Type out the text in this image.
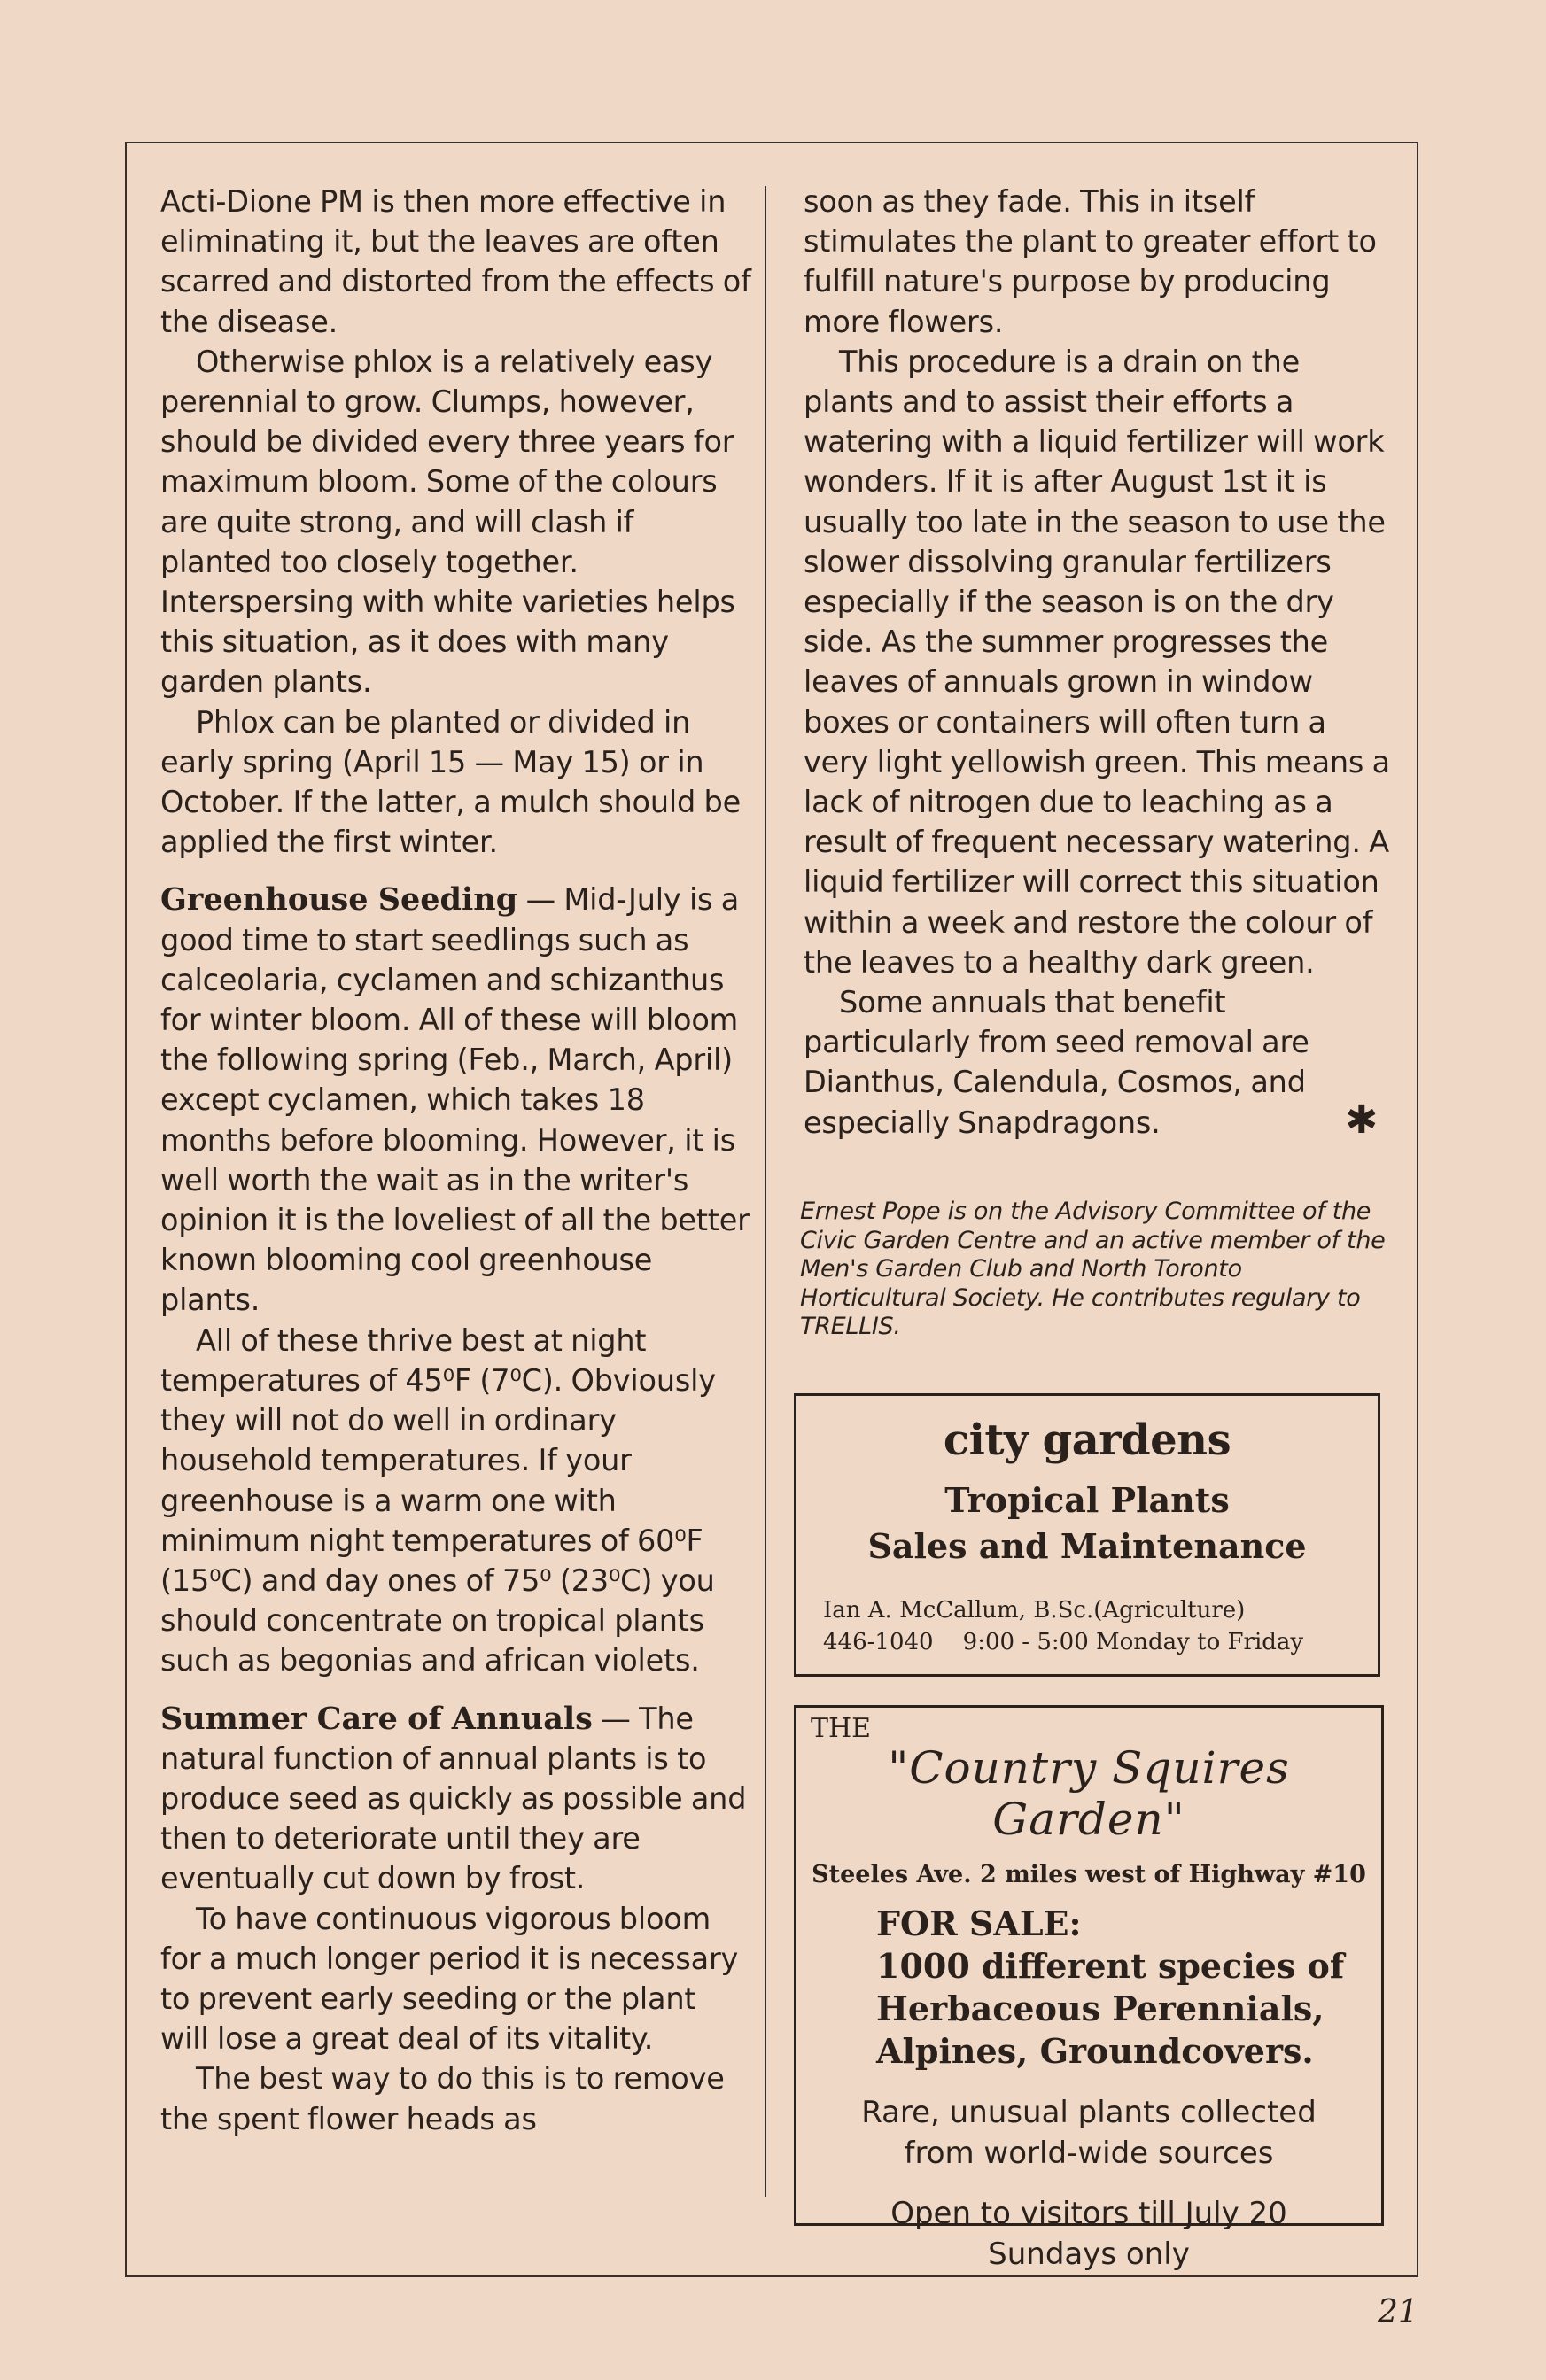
Acti-Dione PM is then more effective in eliminating it, but the leaves are often scarred and distorted from the effects of the disease.

Otherwise phlox is a relatively easy perennial to grow. Clumps, however, should be divided every three years for maximum bloom. Some of the colours are quite strong, and will clash if planted too closely together. Interspersing with white varieties helps this situation, as it does with many garden plants.

Phlox can be planted or divided in early spring (April 15 — May 15) or in October. If the latter, a mulch should be applied the first winter.

Greenhouse Seeding — Mid-July is a good time to start seedlings such as calceolaria, cyclamen and schizanthus for winter bloom. All of these will bloom the following spring (Feb., March, April) except cyclamen, which takes 18 months before blooming. However, it is well worth the wait as in the writer's opinion it is the loveliest of all the better known blooming cool greenhouse plants.

All of these thrive best at night temperatures of 45⁰F (7⁰C). Obviously they will not do well in ordinary household temperatures. If your greenhouse is a warm one with minimum night temperatures of 60⁰F (15⁰C) and day ones of 75⁰ (23⁰C) you should concentrate on tropical plants such as begonias and african violets.

Summer Care of Annuals — The natural function of annual plants is to produce seed as quickly as possible and then to deteriorate until they are eventually cut down by frost.

To have continuous vigorous bloom for a much longer period it is necessary to prevent early seeding or the plant will lose a great deal of its vitality.

The best way to do this is to remove the spent flower heads as

soon as they fade. This in itself stimulates the plant to greater effort to fulfill nature's purpose by producing more flowers.

This procedure is a drain on the plants and to assist their efforts a watering with a liquid fertilizer will work wonders. If it is after August 1st it is usually too late in the season to use the slower dissolving granular fertilizers especially if the season is on the dry side. As the summer progresses the leaves of annuals grown in window boxes or containers will often turn a very light yellowish green. This means a lack of nitrogen due to leaching as a result of frequent necessary watering. A liquid fertilizer will correct this situation within a week and restore the colour of the leaves to a healthy dark green.

Some annuals that benefit particularly from seed removal are Dianthus, Calendula, Cosmos, and especially Snapdragons.	✱

Ernest Pope is on the Advisory Committee of the Civic Garden Centre and an active member of the Men's Garden Club and North Toronto Horticultural Society. He contributes regulary to TRELLIS.
city gardens
Tropical Plants
Sales and Maintenance
Ian A. McCallum, B.Sc.(Agriculture)
446-1040 9:00 - 5:00 Monday to Friday
THE
"Country Squires Garden"
Steeles Ave. 2 miles west of Highway #10
FOR SALE:
1000 different species of
Herbaceous Perennials,
Alpines, Groundcovers.
Rare, unusual plants collected
from world-wide sources
Open to visitors till July 20
Sundays only
21
